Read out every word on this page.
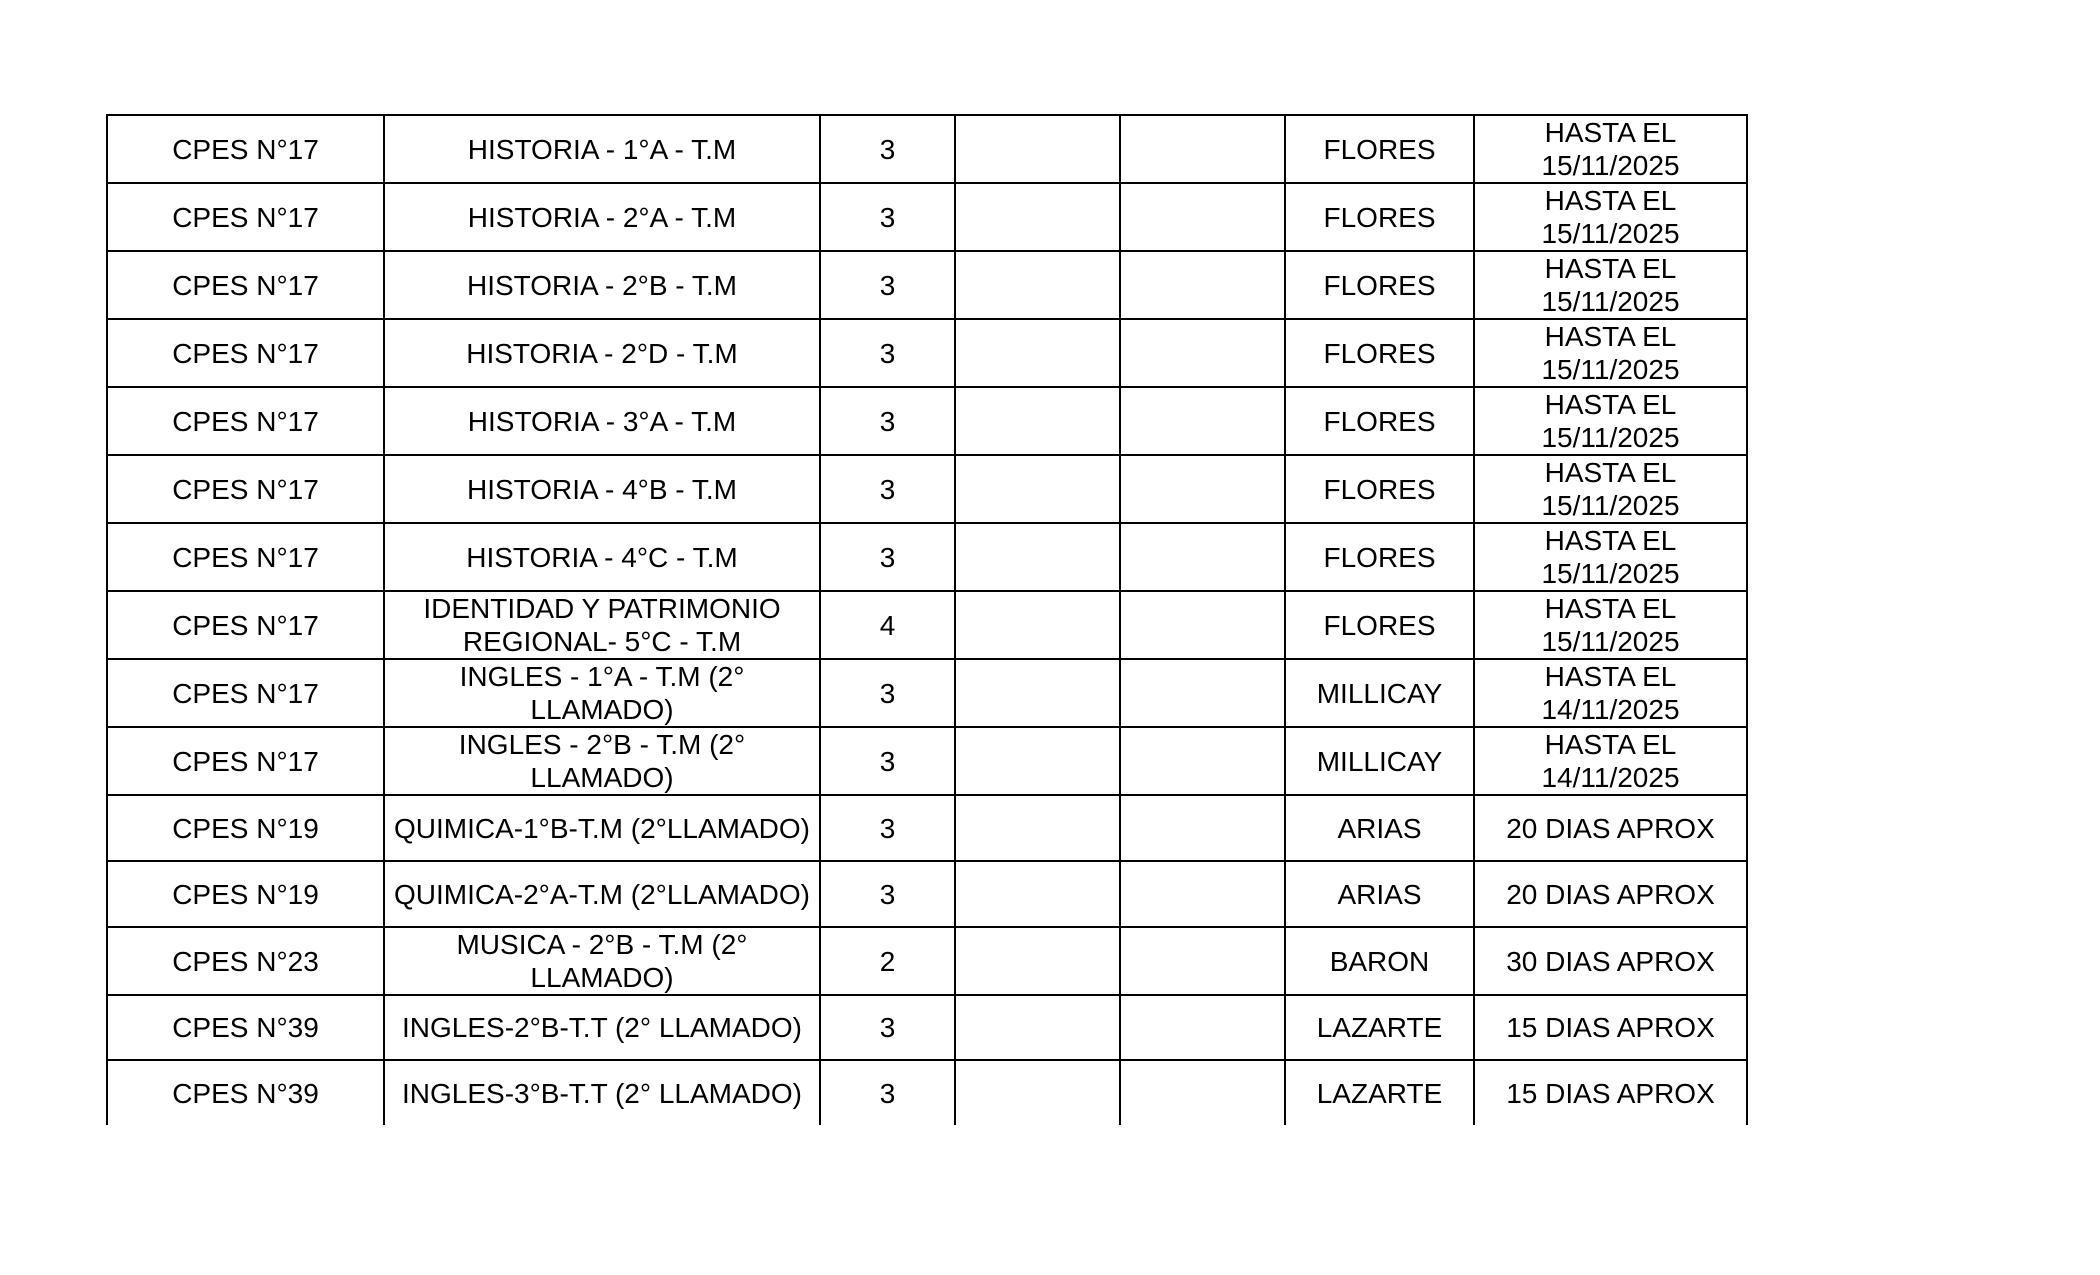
CPES N°17	HISTORIA - 1°A - T.M	3			FLORES	HASTA EL 15/11/2025
CPES N°17	HISTORIA - 2°A - T.M	3			FLORES	HASTA EL 15/11/2025
CPES N°17	HISTORIA - 2°B - T.M	3			FLORES	HASTA EL 15/11/2025
CPES N°17	HISTORIA - 2°D - T.M	3			FLORES	HASTA EL 15/11/2025
CPES N°17	HISTORIA - 3°A - T.M	3			FLORES	HASTA EL 15/11/2025
CPES N°17	HISTORIA - 4°B - T.M	3			FLORES	HASTA EL 15/11/2025
CPES N°17	HISTORIA - 4°C - T.M	3			FLORES	HASTA EL 15/11/2025
CPES N°17	IDENTIDAD Y PATRIMONIO REGIONAL- 5°C - T.M	4			FLORES	HASTA EL 15/11/2025
CPES N°17	INGLES - 1°A - T.M (2° LLAMADO)	3			MILLICAY	HASTA EL 14/11/2025
CPES N°17	INGLES - 2°B - T.M (2° LLAMADO)	3			MILLICAY	HASTA EL 14/11/2025
CPES N°19	QUIMICA-1°B-T.M (2°LLAMADO)	3			ARIAS	20 DIAS APROX
CPES N°19	QUIMICA-2°A-T.M (2°LLAMADO)	3			ARIAS	20 DIAS APROX
CPES N°23	MUSICA - 2°B - T.M (2° LLAMADO)	2			BARON	30 DIAS APROX
CPES N°39	INGLES-2°B-T.T (2° LLAMADO)	3			LAZARTE	15 DIAS APROX
CPES N°39	INGLES-3°B-T.T (2° LLAMADO)	3			LAZARTE	15 DIAS APROX
